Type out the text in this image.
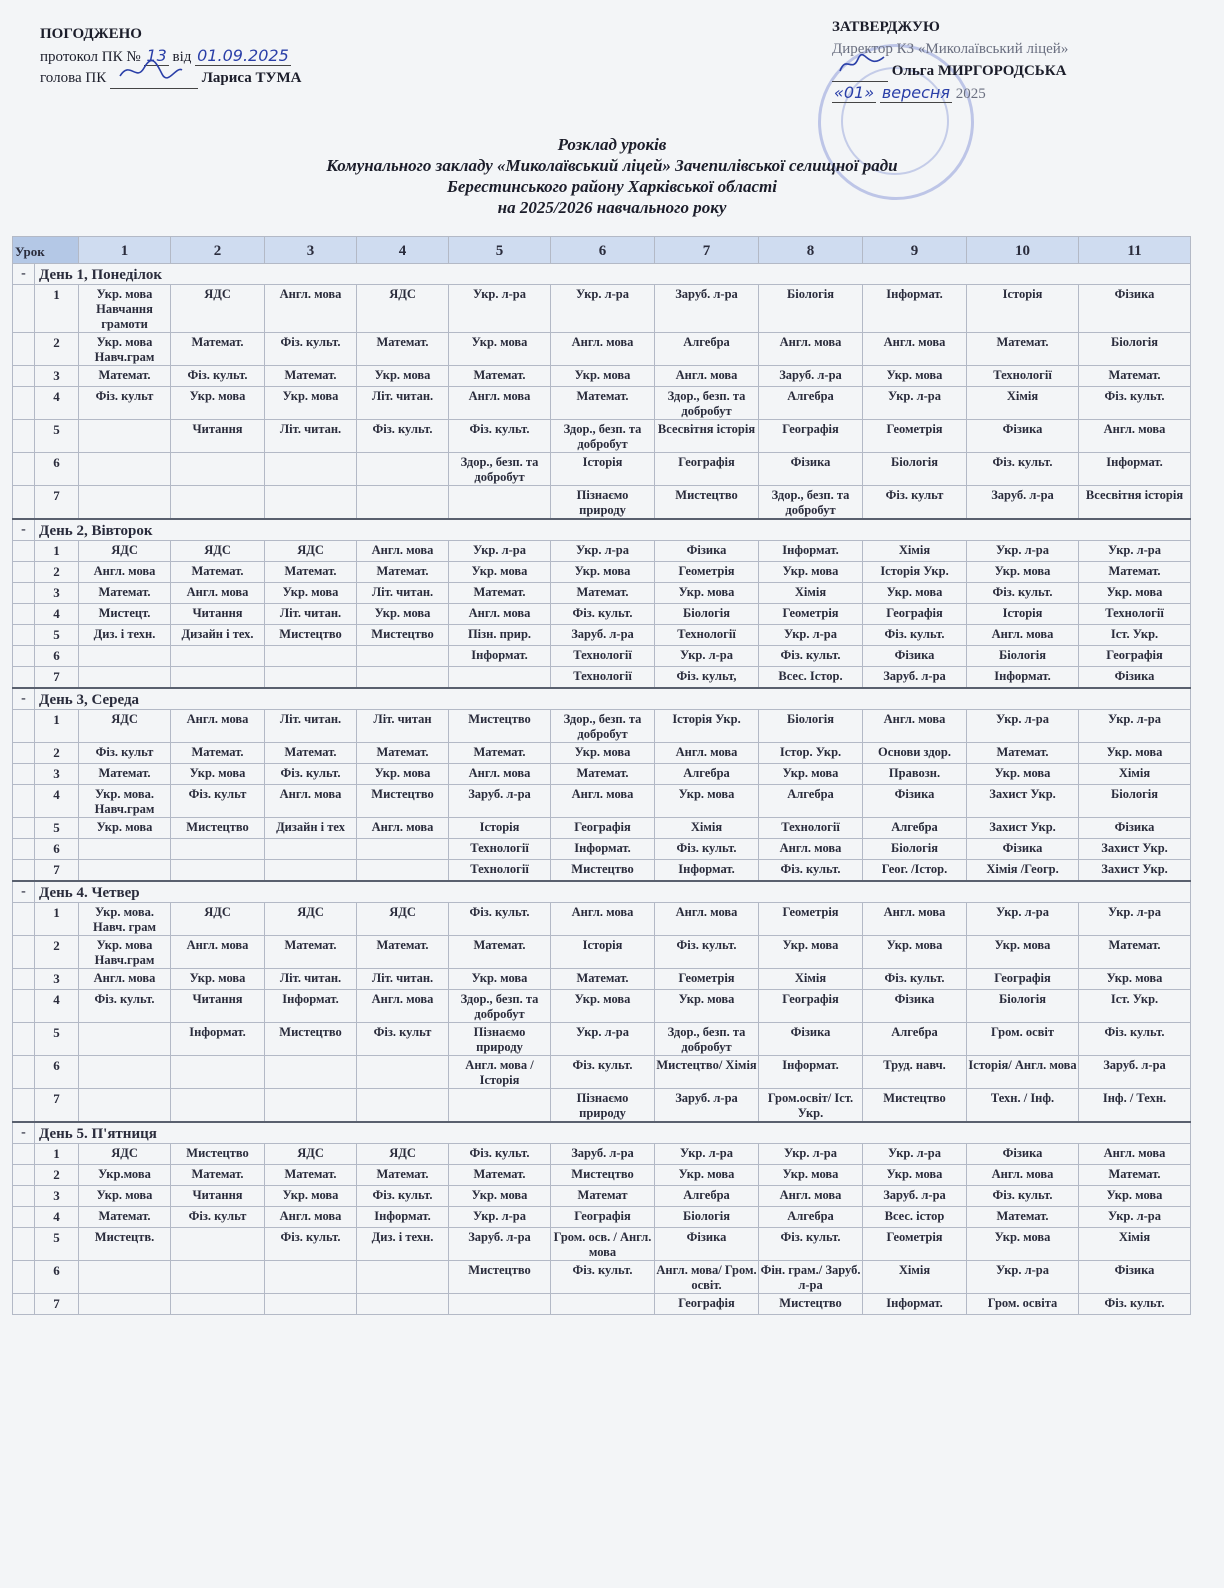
ПОГОДЖЕНО
протокол ПК № 13 від 01.09.2025
голова ПК	Лариса ТУМА
ЗАТВЕРДЖУЮ
Директор КЗ «Миколаївський ліцей»
Ольга МИРГОРОДСЬКА
«01» вересня 2025
Розклад уроків
Комунального закладу «Миколаївський ліцей» Зачепилівської селищної ради
Берестинського району Харківської області
на 2025/2026 навчального року
Урок		1	2	3	4	5	6	7	8	9	10	11
-	День 1, Понеділок											
	1	Укр. мова Навчання грамоти	ЯДС	Англ. мова	ЯДС	Укр. л-ра	Укр. л-ра	Заруб. л-ра	Біологія	Інформат.	Історія	Фізика
	2	Укр. мова Навч.грам	Математ.	Фіз. культ.	Математ.	Укр. мова	Англ. мова	Алгебра	Англ. мова	Англ. мова	Математ.	Біологія
	3	Математ.	Фіз. культ.	Математ.	Укр. мова	Математ.	Укр. мова	Англ. мова	Заруб. л-ра	Укр. мова	Технології	Математ.
	4	Фіз. культ	Укр. мова	Укр. мова	Літ. читан.	Англ. мова	Математ.	Здор., безп. та добробут	Алгебра	Укр. л-ра	Хімія	Фіз. культ.
	5		Читання	Літ. читан.	Фіз. культ.	Фіз. культ.	Здор., безп. та добробут	Всесвітня історія	Географія	Геометрія	Фізика	Англ. мова
	6					Здор., безп. та добробут	Історія	Географія	Фізика	Біологія	Фіз. культ.	Інформат.
	7						Пізнаємо природу	Мистецтво	Здор., безп. та добробут	Фіз. культ	Заруб. л-ра	Всесвітня історія
-	День 2, Вівторок											
	1	ЯДС	ЯДС	ЯДС	Англ. мова	Укр. л-ра	Укр. л-ра	Фізика	Інформат.	Хімія	Укр. л-ра	Укр. л-ра
	2	Англ. мова	Математ.	Математ.	Математ.	Укр. мова	Укр. мова	Геометрія	Укр. мова	Історія Укр.	Укр. мова	Математ.
	3	Математ.	Англ. мова	Укр. мова	Літ. читан.	Математ.	Математ.	Укр. мова	Хімія	Укр. мова	Фіз. культ.	Укр. мова
	4	Мистецт.	Читання	Літ. читан.	Укр. мова	Англ. мова	Фіз. культ.	Біологія	Геометрія	Географія	Історія	Технології
	5	Диз. і техн.	Дизайн і тех.	Мистецтво	Мистецтво	Пізн. прир.	Заруб. л-ра	Технології	Укр. л-ра	Фіз. культ.	Англ. мова	Іст. Укр.
	6					Інформат.	Технології	Укр. л-ра	Фіз. культ.	Фізика	Біологія	Географія
	7						Технології	Фіз. культ,	Всес. Істор.	Заруб. л-ра	Інформат.	Фізика
-	День 3, Середа											
	1	ЯДС	Англ. мова	Літ. читан.	Літ. читан	Мистецтво	Здор., безп. та добробут	Історія Укр.	Біологія	Англ. мова	Укр. л-ра	Укр. л-ра
	2	Фіз. культ	Математ.	Математ.	Математ.	Математ.	Укр. мова	Англ. мова	Істор. Укр.	Основи здор.	Математ.	Укр. мова
	3	Математ.	Укр. мова	Фіз. культ.	Укр. мова	Англ. мова	Математ.	Алгебра	Укр. мова	Правозн.	Укр. мова	Хімія
	4	Укр. мова. Навч.грам	Фіз. культ	Англ. мова	Мистецтво	Заруб. л-ра	Англ. мова	Укр. мова	Алгебра	Фізика	Захист Укр.	Біологія
	5	Укр. мова	Мистецтво	Дизайн і тех	Англ. мова	Історія	Географія	Хімія	Технології	Алгебра	Захист Укр.	Фізика
	6					Технології	Інформат.	Фіз. культ.	Англ. мова	Біологія	Фізика	Захист Укр.
	7					Технології	Мистецтво	Інформат.	Фіз. культ.	Геог. /Істор.	Хімія /Геогр.	Захист Укр.
-	День 4. Четвер											
	1	Укр. мова. Навч. грам	ЯДС	ЯДС	ЯДС	Фіз. культ.	Англ. мова	Англ. мова	Геометрія	Англ. мова	Укр. л-ра	Укр. л-ра
	2	Укр. мова Навч.грам	Англ. мова	Математ.	Математ.	Математ.	Історія	Фіз. культ.	Укр. мова	Укр. мова	Укр. мова	Математ.
	3	Англ. мова	Укр. мова	Літ. читан.	Літ. читан.	Укр. мова	Математ.	Геометрія	Хімія	Фіз. культ.	Географія	Укр. мова
	4	Фіз. культ.	Читання	Інформат.	Англ. мова	Здор., безп. та добробут	Укр. мова	Укр. мова	Географія	Фізика	Біологія	Іст. Укр.
	5		Інформат.	Мистецтво	Фіз. культ	Пізнаємо природу	Укр. л-ра	Здор., безп. та добробут	Фізика	Алгебра	Гром. освіт	Фіз. культ.
	6					Англ. мова / Історія	Фіз. культ.	Мистецтво/ Хімія	Інформат.	Труд. навч.	Історія/ Англ. мова	Заруб. л-ра
	7						Пізнаємо природу	Заруб. л-ра	Гром.освіт/ Іст. Укр.	Мистецтво	Техн. / Інф.	Інф. / Техн.
-	День 5. П'ятниця											
	1	ЯДС	Мистецтво	ЯДС	ЯДС	Фіз. культ.	Заруб. л-ра	Укр. л-ра	Укр. л-ра	Укр. л-ра	Фізика	Англ. мова
	2	Укр.мова	Математ.	Математ.	Математ.	Математ.	Мистецтво	Укр. мова	Укр. мова	Укр. мова	Англ. мова	Математ.
	3	Укр. мова	Читання	Укр. мова	Фіз. культ.	Укр. мова	Математ	Алгебра	Англ. мова	Заруб. л-ра	Фіз. культ.	Укр. мова
	4	Математ.	Фіз. культ	Англ. мова	Інформат.	Укр. л-ра	Географія	Біологія	Алгебра	Всес. істор	Математ.	Укр. л-ра
	5	Мистецтв.		Фіз. культ.	Диз. і техн.	Заруб. л-ра	Гром. осв. / Англ. мова	Фізика	Фіз. культ.	Геометрія	Укр. мова	Хімія
	6					Мистецтво	Фіз. культ.	Англ. мова/ Гром. освіт.	Фін. грам./ Заруб. л-ра	Хімія	Укр. л-ра	Фізика
	7							Географія	Мистецтво	Інформат.	Гром. освіта	Фіз. культ.
